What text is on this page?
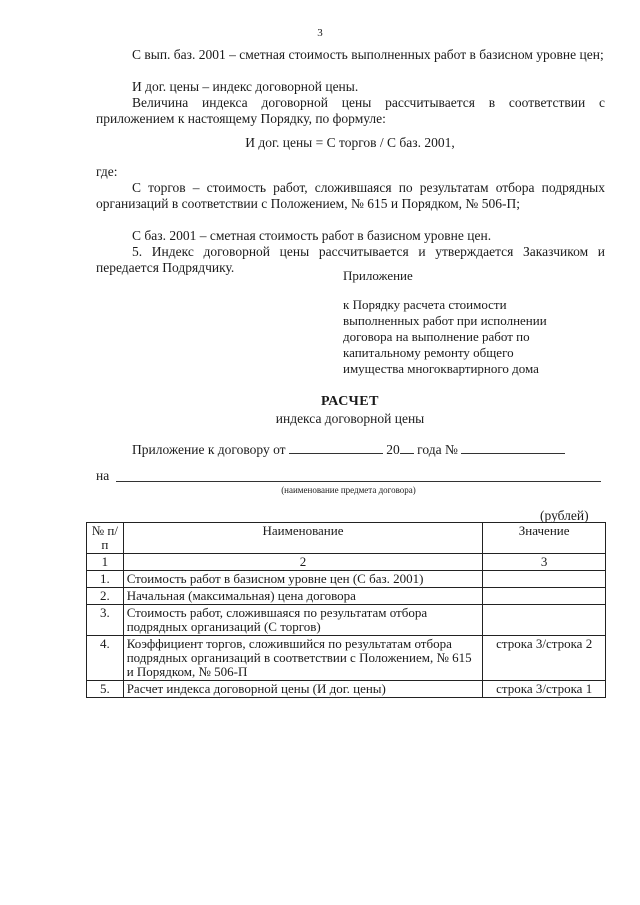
3
С вып. баз. 2001 – сметная стоимость выполненных работ в базисном уровне цен;
И дог. цены – индекс договорной цены.
Величина индекса договорной цены рассчитывается в соответствии с приложением к настоящему Порядку, по формуле:
И дог. цены = С торгов / С баз. 2001,
где:
С торгов – стоимость работ, сложившаяся по результатам отбора подрядных организаций в соответствии с Положением, № 615 и Порядком, № 506-П;
С баз. 2001 – сметная стоимость работ в базисном уровне цен.
5. Индекс договорной цены рассчитывается и утверждается Заказчиком и передается Подрядчику.
Приложение
к Порядку расчета стоимости
выполненных работ при исполнении
договора на выполнение работ по
капитальному ремонту общего
имущества многоквартирного дома
РАСЧЕТ
индекса договорной цены
Приложение к договору от	20 года №
на
(наименование предмета договора)
(рублей)
№ п/п	Наименование	Значение
1	2	3
1.	Стоимость работ в базисном уровне цен (С баз. 2001)	
2.	Начальная (максимальная) цена договора	
3.	Стоимость работ, сложившаяся по результатам отбора подрядных организаций (С торгов)	
4.	Коэффициент торгов, сложившийся по результатам отбора подрядных организаций в соответствии с Положением, № 615 и Порядком, № 506-П	строка 3/строка 2
5.	Расчет индекса договорной цены (И дог. цены)	строка 3/строка 1
